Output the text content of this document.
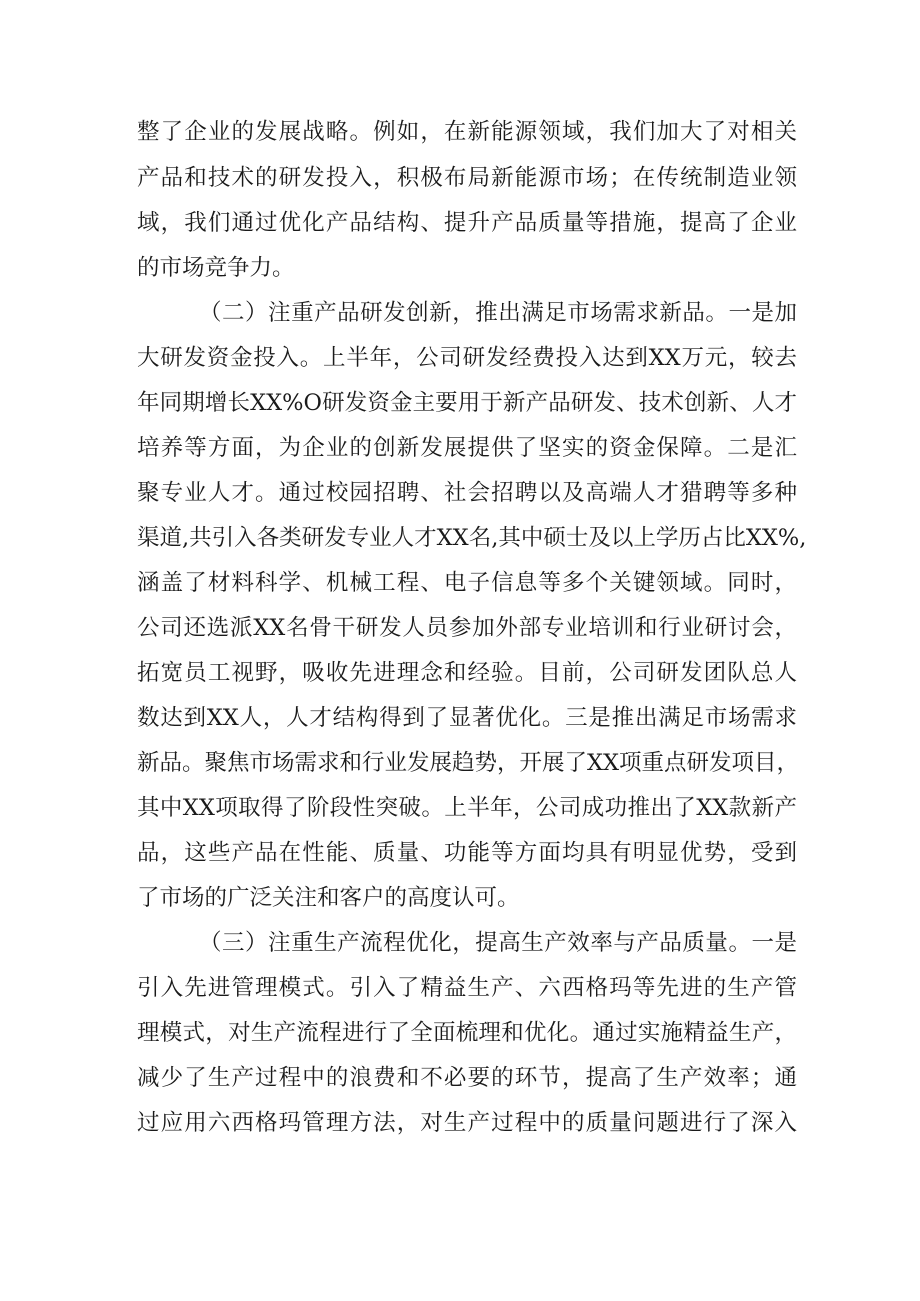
整了企业的发展战略。例如，在新能源领域，我们加大了对相关
产品和技术的研发投入，积极布局新能源市场；在传统制造业领
域，我们通过优化产品结构、提升产品质量等措施，提高了企业
的市场竞争力。
（二）注重产品研发创新，推出满足市场需求新品。一是加
大研发资金投入。上半年，公司研发经费投入达到XX万元，较去
年同期增长XX%O研发资金主要用于新产品研发、技术创新、人才
培养等方面，为企业的创新发展提供了坚实的资金保障。二是汇
聚专业人才。通过校园招聘、社会招聘以及高端人才猎聘等多种
渠道,共引入各类研发专业人才XX名,其中硕士及以上学历占比XX%,
涵盖了材料科学、机械工程、电子信息等多个关键领域。同时，
公司还选派XX名骨干研发人员参加外部专业培训和行业研讨会，
拓宽员工视野，吸收先进理念和经验。目前，公司研发团队总人
数达到XX人，人才结构得到了显著优化。三是推出满足市场需求
新品。聚焦市场需求和行业发展趋势，开展了XX项重点研发项目，
其中XX项取得了阶段性突破。上半年，公司成功推出了XX款新产
品，这些产品在性能、质量、功能等方面均具有明显优势，受到
了市场的广泛关注和客户的高度认可。
（三）注重生产流程优化，提高生产效率与产品质量。一是
引入先进管理模式。引入了精益生产、六西格玛等先进的生产管
理模式，对生产流程进行了全面梳理和优化。通过实施精益生产，
减少了生产过程中的浪费和不必要的环节，提高了生产效率；通
过应用六西格玛管理方法，对生产过程中的质量问题进行了深入
